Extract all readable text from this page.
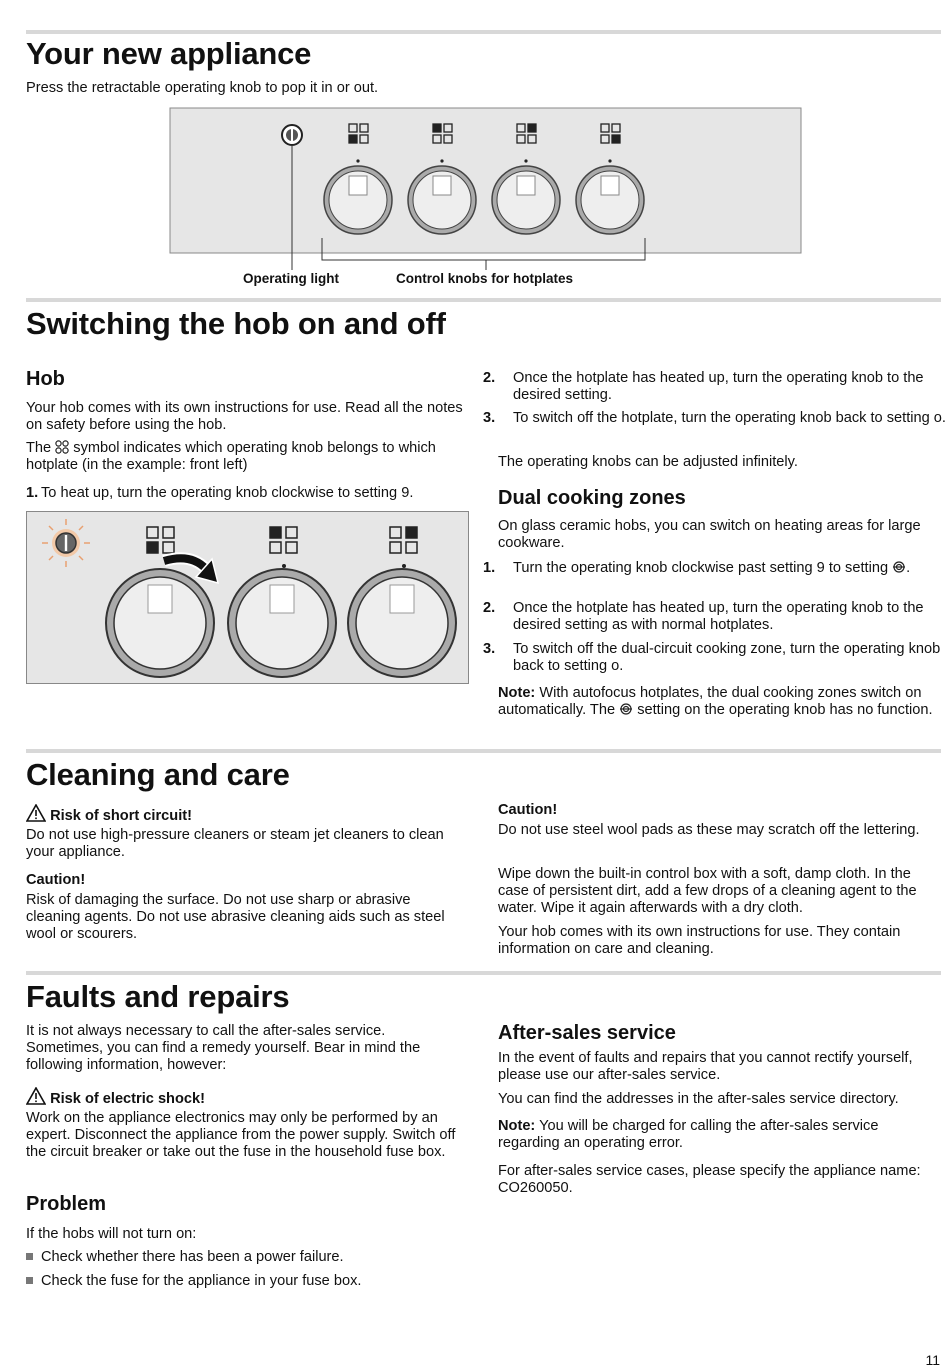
Your new appliance

Press the retractable operating knob to pop it in or out.

Operating light	Control knobs for hotplates
Switching the hob on and off
Hob

Your hob comes with its own instructions for use. Read all the notes on safety before using the hob.

The symbol indicates which operating knob belongs to which hotplate (in the example: front left)

1. To heat up, turn the operating knob clockwise to setting 9.

2. Once the hotplate has heated up, turn the operating knob to the desired setting.

3. To switch off the hotplate, turn the operating knob back to setting o.

The operating knobs can be adjusted infinitely.

Dual cooking zones

On glass ceramic hobs, you can switch on heating areas for large cookware.

1. Turn the operating knob clockwise past setting 9 to setting .

2. Once the hotplate has heated up, turn the operating knob to the desired setting as with normal hotplates.

3. To switch off the dual-circuit cooking zone, turn the operating knob back to setting o.

Note: With autofocus hotplates, the dual cooking zones switch on automatically. The setting on the operating knob has no function.

Cleaning and care

Risk of short circuit!

Do not use high-pressure cleaners or steam jet cleaners to clean your appliance.

Caution!

Risk of damaging the surface. Do not use sharp or abrasive cleaning agents. Do not use abrasive cleaning aids such as steel wool or scourers.

Caution!

Do not use steel wool pads as these may scratch off the lettering.

Wipe down the built-in control box with a soft, damp cloth. In the case of persistent dirt, add a few drops of a cleaning agent to the water. Wipe it again afterwards with a dry cloth.

Your hob comes with its own instructions for use. They contain information on care and cleaning.

Faults and repairs

It is not always necessary to call the after-sales service. Sometimes, you can find a remedy yourself. Bear in mind the following information, however:

Risk of electric shock!

Work on the appliance electronics may only be performed by an expert. Disconnect the appliance from the power supply. Switch off the circuit breaker or take out the fuse in the household fuse box.

Problem

If the hobs will not turn on:

Check whether there has been a power failure.

Check the fuse for the appliance in your fuse box.

After-sales service

In the event of faults and repairs that you cannot rectify yourself, please use our after-sales service.

You can find the addresses in the after-sales service directory.

Note: You will be charged for calling the after-sales service regarding an operating error.

For after-sales service cases, please specify the appliance name: CO260050.

11
